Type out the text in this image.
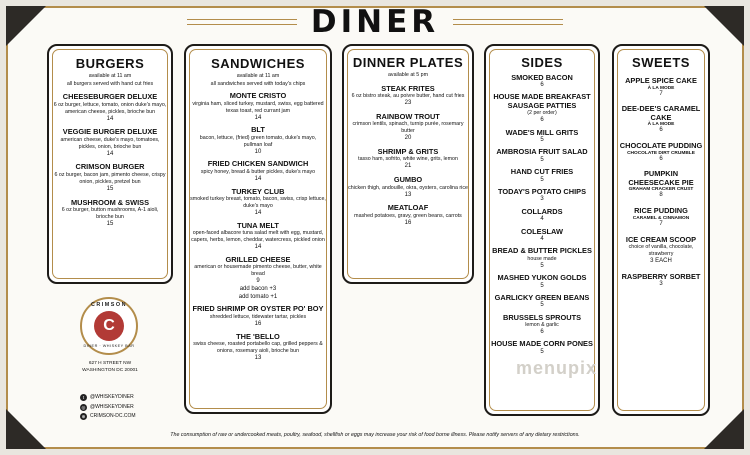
DINER
BURGERS
available at 11 am
all burgers served with hand cut fries
CHEESEBURGER DELUXE
6 oz burger, lettuce, tomato, onion duke's mayo, american cheese, pickles, brioche bun
14
VEGGIE BURGER DELUXE
american cheese, duke's mayo, tomatoes, pickles, onion, brioche bun
14
CRIMSON BURGER
6 oz burger, bacon jam, pimento cheese, crispy onion, pickles, pretzel bun
15
MUSHROOM & SWISS
6 oz burger, button mushrooms, A-1 aioli, brioche bun
15
SANDWICHES
available at 11 am
all sandwiches served with today's chips
MONTE CRISTO
virginia ham, sliced turkey, mustard, swiss, egg battered texas toast, red currant jam
14
BLT
bacon, lettuce, (fried) green tomato, duke's mayo, pullman loaf
10
FRIED CHICKEN SANDWICH
spicy honey, bread & butter pickles, duke's mayo
14
TURKEY CLUB
smoked turkey breast, tomato, bacon, swiss, crisp lettuce, duke's mayo
14
TUNA MELT
open-faced albacore tuna salad melt with egg, mustard, capers, herbs, lemon, cheddar, watercress, pickled onion
14
GRILLED CHEESE
american or housemade pimento cheese, butter, white bread
9
add bacon +3
add tomato +1
FRIED SHRIMP OR OYSTER PO' BOY
shredded lettuce, tidewater tartar, pickles
16
THE 'BELLO
swiss cheese, roasted portabello cap, grilled peppers & onions, rosemary aioli, brioche bun
13
DINNER PLATES
available at 5 pm
STEAK FRITES
6 oz bistro steak, au poivre butter, hand cut fries
23
RAINBOW TROUT
crimson lentils, spinach, turnip purée, rosemary butter
20
SHRIMP & GRITS
tasso ham, sofrito, white wine, grits, lemon
21
GUMBO
chicken thigh, andouille, okra, oysters, carolina rice
13
MEATLOAF
mashed potatoes, gravy, green beans, carrots
16
SIDES
SMOKED BACON
6
HOUSE MADE BREAKFAST SAUSAGE PATTIES
(2 per order)
6
WADE'S MILL GRITS
5
AMBROSIA FRUIT SALAD
5
HAND CUT FRIES
5
TODAY'S POTATO CHIPS
3
COLLARDS
4
COLESLAW
4
BREAD & BUTTER PICKLES
house made
5
MASHED YUKON GOLDS
5
GARLICKY GREEN BEANS
5
BRUSSELS SPROUTS
lemon & garlic
6
HOUSE MADE CORN PONES
5
SWEETS
APPLE SPICE CAKE
À LA MODE
7
DEE-DEE'S CARAMEL CAKE
À LA MODE
6
CHOCOLATE PUDDING
CHOCOLATE DIRT CRUMBLE
6
PUMPKIN CHEESECAKE PIE
GRAHAM CRACKER CRUST
8
RICE PUDDING
CARAMEL & CINNAMON
7
ICE CREAM SCOOP
choice of vanilla, chocolate, strawberry
3 EACH
RASPBERRY SORBET
3
CRIMSON
C
DINER · WHISKEY BAR
627 H STREET NW
WASHINGTON DC 20001
t	@WHISKEYDINER
◎ @WHISKEYDINER
⊕ CRIMSON-DC.COM
menupix
The consumption of raw or undercooked meats, poultry, seafood, shellfish or eggs may increase your risk of food borne illness. Please notify servers of any dietary restrictions.
